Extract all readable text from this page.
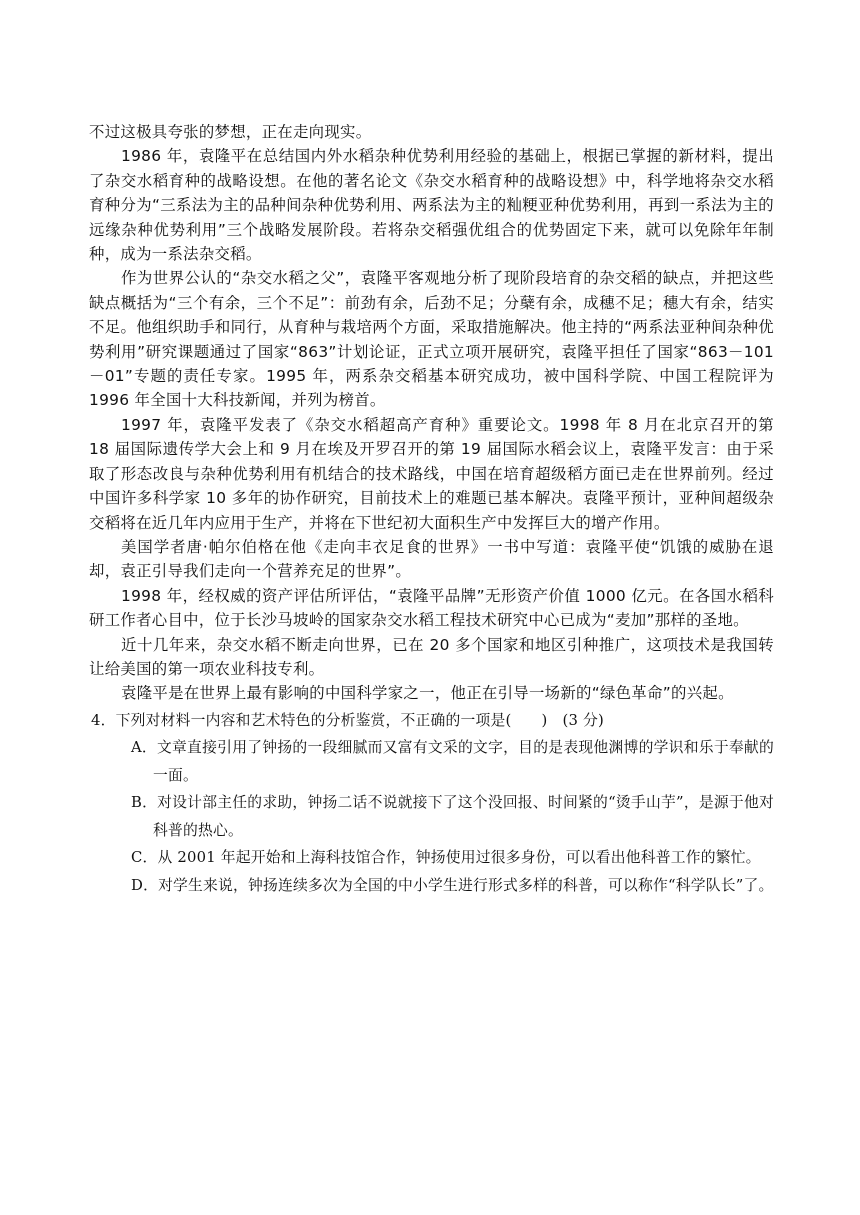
不过这极具夸张的梦想，正在走向现实。

1986 年，袁隆平在总结国内外水稻杂种优势利用经验的基础上，根据已掌握的新材料，提出了杂交水稻育种的战略设想。在他的著名论文《杂交水稻育种的战略设想》中，科学地将杂交水稻育种分为“三系法为主的品种间杂种优势利用、两系法为主的籼粳亚种优势利用，再到一系法为主的远缘杂种优势利用”三个战略发展阶段。若将杂交稻强优组合的优势固定下来，就可以免除年年制种，成为一系法杂交稻。

作为世界公认的“杂交水稻之父”，袁隆平客观地分析了现阶段培育的杂交稻的缺点，并把这些缺点概括为“三个有余，三个不足”：前劲有余，后劲不足；分蘖有余，成穗不足；穗大有余，结实不足。他组织助手和同行，从育种与栽培两个方面，采取措施解决。他主持的“两系法亚种间杂种优势利用”研究课题通过了国家“863”计划论证，正式立项开展研究，袁隆平担任了国家“863－101－01”专题的责任专家。1995 年，两系杂交稻基本研究成功，被中国科学院、中国工程院评为 1996 年全国十大科技新闻，并列为榜首。

1997 年，袁隆平发表了《杂交水稻超高产育种》重要论文。1998 年 8 月在北京召开的第 18 届国际遗传学大会上和 9 月在埃及开罗召开的第 19 届国际水稻会议上，袁隆平发言：由于采取了形态改良与杂种优势利用有机结合的技术路线，中国在培育超级稻方面已走在世界前列。经过中国许多科学家 10 多年的协作研究，目前技术上的难题已基本解决。袁隆平预计，亚种间超级杂交稻将在近几年内应用于生产，并将在下世纪初大面积生产中发挥巨大的增产作用。

美国学者唐·帕尔伯格在他《走向丰衣足食的世界》一书中写道：袁隆平使“饥饿的威胁在退却，袁正引导我们走向一个营养充足的世界”。

1998 年，经权威的资产评估所评估，“袁隆平品牌”无形资产价值 1000 亿元。在各国水稻科研工作者心目中，位于长沙马坡岭的国家杂交水稻工程技术研究中心已成为“麦加”那样的圣地。

近十几年来，杂交水稻不断走向世界，已在 20 多个国家和地区引种推广，这项技术是我国转让给美国的第一项农业科技专利。

袁隆平是在世界上最有影响的中国科学家之一，他正在引导一场新的“绿色革命”的兴起。

4．下列对材料一内容和艺术特色的分析鉴赏，不正确的一项是(　　)　(3 分)

A．文章直接引用了钟扬的一段细腻而又富有文采的文字，目的是表现他渊博的学识和乐于奉献的一面。

B．对设计部主任的求助，钟扬二话不说就接下了这个没回报、时间紧的“烫手山芋”，是源于他对科普的热心。

C．从 2001 年起开始和上海科技馆合作，钟扬使用过很多身份，可以看出他科普工作的繁忙。

D．对学生来说，钟扬连续多次为全国的中小学生进行形式多样的科普，可以称作“科学队长”了。
